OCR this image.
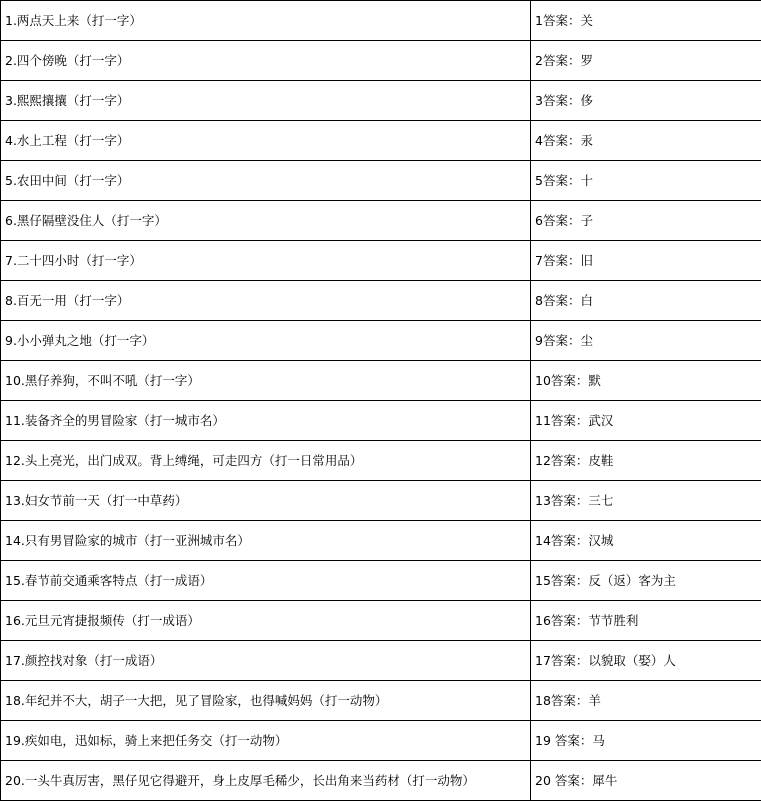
1.两点天上来（打一字）	1答案：关
2.四个傍晚（打一字）	2答案：罗
3.熙熙攘攘（打一字）	3答案：侈
4.水上工程（打一字）	4答案：汞
5.农田中间（打一字）	5答案：十
6.黑仔隔壁没住人（打一字）	6答案：子
7.二十四小时（打一字）	7答案：旧
8.百无一用（打一字）	8答案：白
9.小小弹丸之地（打一字）	9答案：尘
10.黑仔养狗，不叫不吼（打一字）	10答案：默
11.装备齐全的男冒险家（打一城市名）	11答案：武汉
12.头上亮光，出门成双。背上缚绳，可走四方（打一日常用品）	12答案：皮鞋
13.妇女节前一天（打一中草药）	13答案：三七
14.只有男冒险家的城市（打一亚洲城市名）	14答案：汉城
15.春节前交通乘客特点（打一成语）	15答案：反（返）客为主
16.元旦元宵捷报频传（打一成语）	16答案：节节胜利
17.颜控找对象（打一成语）	17答案：以貌取（娶）人
18.年纪并不大，胡子一大把，见了冒险家，也得喊妈妈（打一动物）	18答案：羊
19.疾如电，迅如标，骑上来把任务交（打一动物）	19 答案：马
20.一头牛真厉害，黑仔见它得避开，身上皮厚毛稀少，长出角来当药材（打一动物）	20 答案：犀牛
